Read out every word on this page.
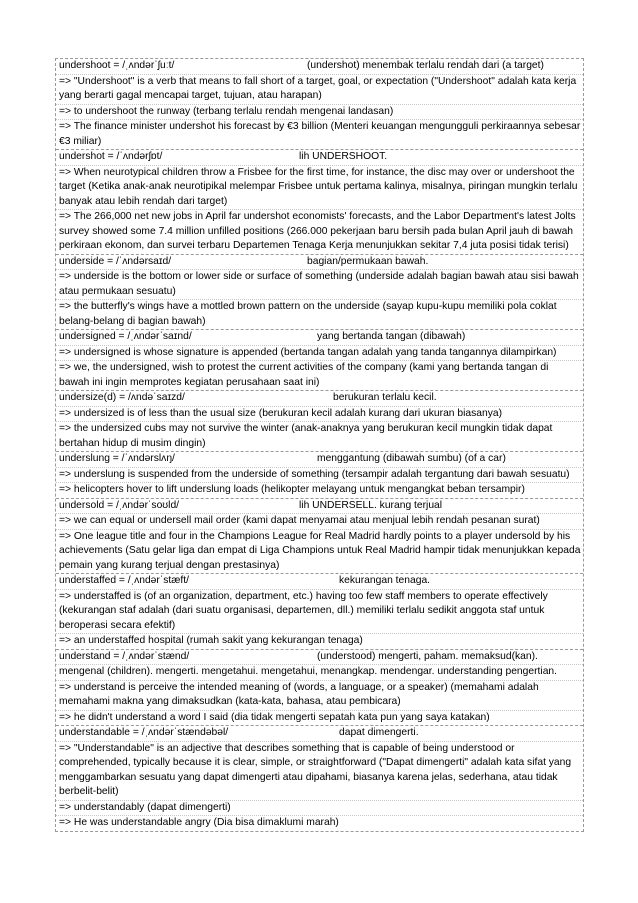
undershoot = /ˌʌndərˈʃuːt/	(undershot) menembak terlalu rendah dari (a target)
=> "Undershoot" is a verb that means to fall short of a target, goal, or expectation ("Undershoot" adalah kata kerja yang berarti gagal mencapai target, tujuan, atau harapan)
=> to undershoot the runway (terbang terlalu rendah mengenai landasan)
=> The finance minister undershot his forecast by €3 billion (Menteri keuangan mengungguli perkiraannya sebesar €3 miliar)
undershot = /ˈʌndərʃɒt/	lih UNDERSHOOT.
=> When neurotypical children throw a Frisbee for the first time, for instance, the disc may over or undershoot the target (Ketika anak-anak neurotipikal melempar Frisbee untuk pertama kalinya, misalnya, piringan mungkin terlalu banyak atau lebih rendah dari target)
=> The 266,000 net new jobs in April far undershot economists' forecasts, and the Labor Department's latest Jolts survey showed some 7.4 million unfilled positions (266.000 pekerjaan baru bersih pada bulan April jauh di bawah perkiraan ekonom, dan survei terbaru Departemen Tenaga Kerja menunjukkan sekitar 7,4 juta posisi tidak terisi)
underside = /ˈʌndərsaɪd/	bagian/permukaan bawah.
=> underside is the bottom or lower side or surface of something (underside adalah bagian bawah atau sisi bawah atau permukaan sesuatu)
=> the butterfly's wings have a mottled brown pattern on the underside (sayap kupu-kupu memiliki pola coklat belang-belang di bagian bawah)
undersigned = /ˌʌndərˈsaɪnd/	yang bertanda tangan (dibawah)
=> undersigned is whose signature is appended (bertanda tangan adalah yang tanda tangannya dilampirkan)
=> we, the undersigned, wish to protest the current activities of the company (kami yang bertanda tangan di bawah ini ingin memprotes kegiatan perusahaan saat ini)
undersize(d) = /ʌndəˈsaɪzd/	berukuran terlalu kecil.
=> undersized is of less than the usual size (berukuran kecil adalah kurang dari ukuran biasanya)
=> the undersized cubs may not survive the winter (anak-anaknya yang berukuran kecil mungkin tidak dapat bertahan hidup di musim dingin)
underslung = /ˈʌndərslʌŋ/	menggantung (dibawah sumbu) (of a car)
=> underslung is suspended from the underside of something (tersampir adalah tergantung dari bawah sesuatu)
=> helicopters hover to lift underslung loads (helikopter melayang untuk mengangkat beban tersampir)
undersold = /ˌʌndərˈsoʊld/	lih UNDERSELL. kurang terjual
=> we can equal or undersell mail order (kami dapat menyamai atau menjual lebih rendah pesanan surat)
=> One league title and four in the Champions League for Real Madrid hardly points to a player undersold by his achievements (Satu gelar liga dan empat di Liga Champions untuk Real Madrid hampir tidak menunjukkan kepada pemain yang kurang terjual dengan prestasinya)
understaffed = /ˌʌndərˈstæft/	kekurangan tenaga.
=> understaffed is (of an organization, department, etc.) having too few staff members to operate effectively (kekurangan staf adalah (dari suatu organisasi, departemen, dll.) memiliki terlalu sedikit anggota staf untuk beroperasi secara efektif)
=> an understaffed hospital (rumah sakit yang kekurangan tenaga)
understand = /ˌʌndərˈstænd/	(understood) mengerti, paham. memaksud(kan).
mengenal (children). mengerti. mengetahui. mengetahui, menangkap. mendengar. understanding pengertian.
=> understand is perceive the intended meaning of (words, a language, or a speaker) (memahami adalah memahami makna yang dimaksudkan (kata-kata, bahasa, atau pembicara)
=> he didn't understand a word I said (dia tidak mengerti sepatah kata pun yang saya katakan)
understandable = /ˌʌndərˈstændəbəl/	dapat dimengerti.
=> "Understandable" is an adjective that describes something that is capable of being understood or comprehended, typically because it is clear, simple, or straightforward ("Dapat dimengerti" adalah kata sifat yang menggambarkan sesuatu yang dapat dimengerti atau dipahami, biasanya karena jelas, sederhana, atau tidak berbelit-belit)
=> understandably (dapat dimengerti)
=> He was understandable angry (Dia bisa dimaklumi marah)
